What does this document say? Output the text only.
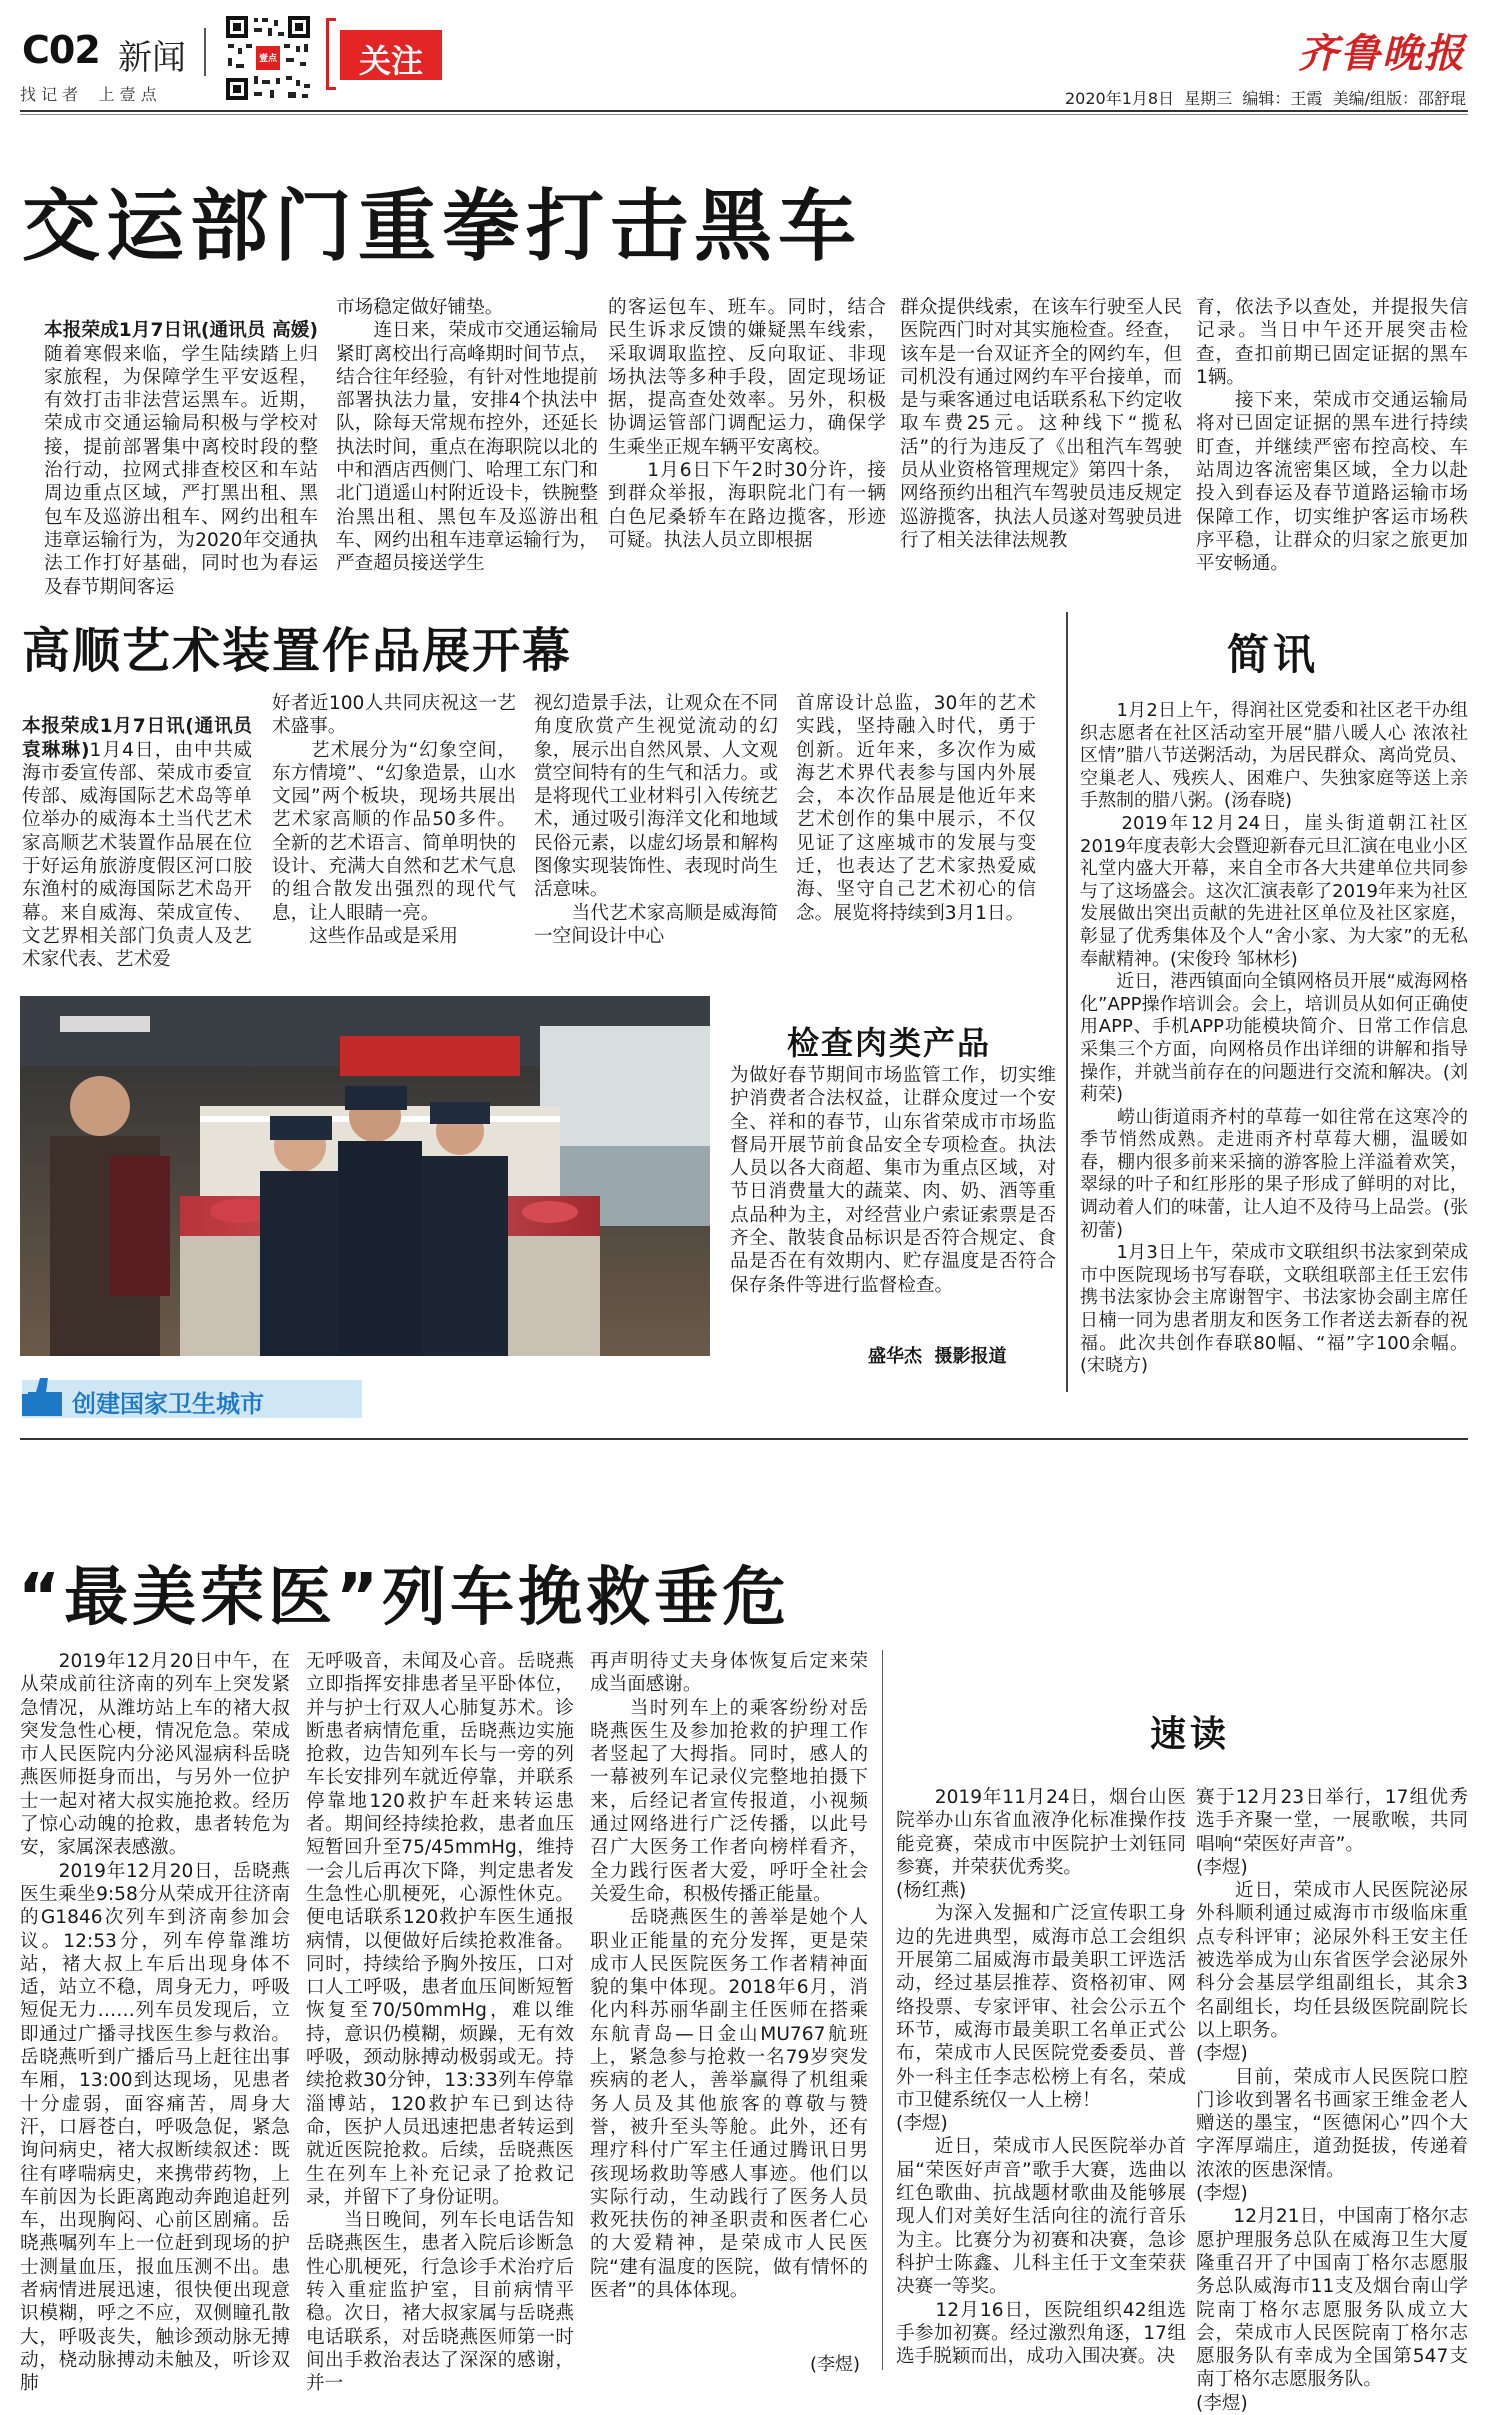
C02 新闻
找 记 者    上 壹 点
壹点	关注	齐鲁晚报
2020年1月8日  星期三  编辑：王霞  美编/组版：邵舒琨
交运部门重拳打击黑车

本报荣成1月7日讯(通讯员 高媛)随着寒假来临，学生陆续踏上归家旅程，为保障学生平安返程，有效打击非法营运黑车。近期，荣成市交通运输局积极与学校对接，提前部署集中离校时段的整治行动，拉网式排查校区和车站周边重点区域，严打黑出租、黑包车及巡游出租车、网约出租车违章运输行为，为2020年交通执法工作打好基础，同时也为春运及春节期间客运

市场稳定做好铺垫。
　　连日来，荣成市交通运输局紧盯离校出行高峰期时间节点，结合往年经验，有针对性地提前部署执法力量，安排4个执法中队，除每天常规布控外，还延长执法时间，重点在海职院以北的中和酒店西侧门、哈理工东门和北门逍遥山村附近设卡，铁腕整治黑出租、黑包车及巡游出租车、网约出租车违章运输行为，严查超员接送学生
的客运包车、班车。同时，结合民生诉求反馈的嫌疑黑车线索，采取调取监控、反向取证、非现场执法等多种手段，固定现场证据，提高查处效率。另外，积极协调运管部门调配运力，确保学生乘坐正规车辆平安离校。
　　1月6日下午2时30分许，接到群众举报，海职院北门有一辆白色尼桑轿车在路边揽客，形迹可疑。执法人员立即根据
群众提供线索，在该车行驶至人民医院西门时对其实施检查。经查，该车是一台双证齐全的网约车，但司机没有通过网约车平台接单，而是与乘客通过电话联系私下约定收取车费25元。这种线下“揽私活”的行为违反了《出租汽车驾驶员从业资格管理规定》第四十条，网络预约出租汽车驾驶员违反规定巡游揽客，执法人员遂对驾驶员进行了相关法律法规教
育，依法予以查处，并提报失信记录。当日中午还开展突击检查，查扣前期已固定证据的黑车1辆。
　　接下来，荣成市交通运输局将对已固定证据的黑车进行持续盯查，并继续严密布控高校、车站周边客流密集区域，全力以赴投入到春运及春节道路运输市场保障工作，切实维护客运市场秩序平稳，让群众的归家之旅更加平安畅通。
高顺艺术装置作品展开幕

本报荣成1月7日讯(通讯员 袁琳琳)1月4日，由中共威海市委宣传部、荣成市委宣传部、威海国际艺术岛等单位举办的威海本土当代艺术家高顺艺术装置作品展在位于好运角旅游度假区河口胶东渔村的威海国际艺术岛开幕。来自威海、荣成宣传、文艺界相关部门负责人及艺术家代表、艺术爱

好者近100人共同庆祝这一艺术盛事。
　　艺术展分为“幻象空间，东方情境”、“幻象造景，山水文园”两个板块，现场共展出艺术家高顺的作品50多件。全新的艺术语言、简单明快的设计、充满大自然和艺术气息的组合散发出强烈的现代气息，让人眼睛一亮。
　　这些作品或是采用
视幻造景手法，让观众在不同角度欣赏产生视觉流动的幻象，展示出自然风景、人文观赏空间特有的生气和活力。或是将现代工业材料引入传统艺术，通过吸引海洋文化和地域民俗元素，以虚幻场景和解构图像实现装饰性、表现时尚生活意味。
　　当代艺术家高顺是威海简一空间设计中心
首席设计总监，30年的艺术实践，坚持融入时代，勇于创新。近年来，多次作为威海艺术界代表参与国内外展会，本次作品展是他近年来艺术创作的集中展示，不仅见证了这座城市的发展与变迁，也表达了艺术家热爱威海、坚守自己艺术初心的信念。展览将持续到3月1日。
简讯
　　1月2日上午，得润社区党委和社区老干办组织志愿者在社区活动室开展“腊八暖人心 浓浓社区情”腊八节送粥活动，为居民群众、离尚党员、空巢老人、残疾人、困难户、失独家庭等送上亲手熬制的腊八粥。(汤春晓)
　　2019年12月24日，崖头街道朝江社区2019年度表彰大会暨迎新春元旦汇演在电业小区礼堂内盛大开幕，来自全市各大共建单位共同参与了这场盛会。这次汇演表彰了2019年来为社区发展做出突出贡献的先进社区单位及社区家庭，彰显了优秀集体及个人“舍小家、为大家”的无私奉献精神。(宋俊玲 邹林杉)
　　近日，港西镇面向全镇网格员开展“威海网格化”APP操作培训会。会上，培训员从如何正确使用APP、手机APP功能模块简介、日常工作信息采集三个方面，向网格员作出详细的讲解和指导操作，并就当前存在的问题进行交流和解决。(刘莉荣)
　　崂山街道雨齐村的草莓一如往常在这寒冷的季节悄然成熟。走进雨齐村草莓大棚，温暖如春，棚内很多前来采摘的游客脸上洋溢着欢笑，翠绿的叶子和红彤彤的果子形成了鲜明的对比，调动着人们的味蕾，让人迫不及待马上品尝。(张初蕾)
　　1月3日上午，荣成市文联组织书法家到荣成市中医院现场书写春联，文联组联部主任王宏伟携书法家协会主席谢智宇、书法家协会副主席任日楠一同为患者朋友和医务工作者送去新春的祝福。此次共创作春联80幅、“福”字100余幅。(宋晓方)
检查肉类产品
为做好春节期间市场监管工作，切实维护消费者合法权益，让群众度过一个安全、祥和的春节，山东省荣成市市场监督局开展节前食品安全专项检查。执法人员以各大商超、集市为重点区域，对节日消费量大的蔬菜、肉、奶、酒等重点品种为主，对经营业户索证索票是否齐全、散装食品标识是否符合规定、食品是否在有效期内、贮存温度是否符合保存条件等进行监督检查。
盛华杰  摄影报道
创建国家卫生城市
“最美荣医”列车挽救垂危
　　2019年12月20日中午，在从荣成前往济南的列车上突发紧急情况，从潍坊站上车的褚大叔突发急性心梗，情况危急。荣成市人民医院内分泌风湿病科岳晓燕医师挺身而出，与另外一位护士一起对褚大叔实施抢救。经历了惊心动魄的抢救，患者转危为安，家属深表感激。
　　2019年12月20日，岳晓燕医生乘坐9:58分从荣成开往济南的G1846次列车到济南参加会议。12:53分，列车停靠潍坊站，褚大叔上车后出现身体不适，站立不稳，周身无力，呼吸短促无力……列车员发现后，立即通过广播寻找医生参与救治。岳晓燕听到广播后马上赶往出事车厢，13:00到达现场，见患者十分虚弱，面容痛苦，周身大汗，口唇苍白，呼吸急促，紧急询问病史，褚大叔断续叙述：既往有哮喘病史，来携带药物，上车前因为长距离跑动奔跑追赶列车，出现胸闷、心前区剧痛。岳晓燕嘱列车上一位赶到现场的护士测量血压，报血压测不出。患者病情进展迅速，很快便出现意识模糊，呼之不应，双侧瞳孔散大，呼吸丧失，触诊颈动脉无搏动，桡动脉搏动未触及，听诊双肺
无呼吸音，未闻及心音。岳晓燕立即指挥安排患者呈平卧体位，并与护士行双人心肺复苏术。诊断患者病情危重，岳晓燕边实施抢救，边告知列车长与一旁的列车长安排列车就近停靠，并联系停靠地120救护车赶来转运患者。期间经持续抢救，患者血压短暂回升至75/45mmHg，维持一会儿后再次下降，判定患者发生急性心肌梗死，心源性休克。便电话联系120救护车医生通报病情，以便做好后续抢救准备。同时，持续给予胸外按压，口对口人工呼吸，患者血压间断短暂恢复至70/50mmHg，难以维持，意识仍模糊，烦躁，无有效呼吸，颈动脉搏动极弱或无。持续抢救30分钟，13:33列车停靠淄博站，120救护车已到达待命，医护人员迅速把患者转运到就近医院抢救。后续，岳晓燕医生在列车上补充记录了抢救记录，并留下了身份证明。
　　当日晚间，列车长电话告知岳晓燕医生，患者入院后诊断急性心肌梗死，行急诊手术治疗后转入重症监护室，目前病情平稳。次日，褚大叔家属与岳晓燕电话联系，对岳晓燕医师第一时间出手救治表达了深深的感谢，并一
再声明待丈夫身体恢复后定来荣成当面感谢。
　　当时列车上的乘客纷纷对岳晓燕医生及参加抢救的护理工作者竖起了大拇指。同时，感人的一幕被列车记录仪完整地拍摄下来，后经记者宣传报道，小视频通过网络进行广泛传播，以此号召广大医务工作者向榜样看齐，全力践行医者大爱，呼吁全社会关爱生命，积极传播正能量。
　　岳晓燕医生的善举是她个人职业正能量的充分发挥，更是荣成市人民医院医务工作者精神面貌的集中体现。2018年6月，消化内科苏丽华副主任医师在搭乘东航青岛—日金山MU767航班上，紧急参与抢救一名79岁突发疾病的老人，善举赢得了机组乘务人员及其他旅客的尊敬与赞誉，被升至头等舱。此外，还有理疗科付广军主任通过腾讯日男孩现场救助等感人事迹。他们以实际行动，生动践行了医务人员救死扶伤的神圣职责和医者仁心的大爱精神，是荣成市人民医院“建有温度的医院，做有情怀的医者”的具体体现。
(李煜)
速读
　　2019年11月24日，烟台山医院举办山东省血液净化标准操作技能竞赛，荣成市中医院护士刘钰同参赛，并荣获优秀奖。
(杨红燕)
　　为深入发掘和广泛宣传职工身边的先进典型，威海市总工会组织开展第二届威海市最美职工评选活动，经过基层推荐、资格初审、网络投票、专家评审、社会公示五个环节，威海市最美职工名单正式公布，荣成市人民医院党委委员、普外一科主任李志松榜上有名，荣成市卫健系统仅一人上榜！
(李煜)
　　近日，荣成市人民医院举办首届“荣医好声音”歌手大赛，选曲以红色歌曲、抗战题材歌曲及能够展现人们对美好生活向往的流行音乐为主。比赛分为初赛和决赛，急诊科护士陈鑫、儿科主任于文奎荣获决赛一等奖。
　　12月16日，医院组织42组选手参加初赛。经过激烈角逐，17组选手脱颖而出，成功入围决赛。决
赛于12月23日举行，17组优秀选手齐聚一堂，一展歌喉，共同唱响“荣医好声音”。
(李煜)
　　近日，荣成市人民医院泌尿外科顺利通过威海市市级临床重点专科评审；泌尿外科王安主任被选举成为山东省医学会泌尿外科分会基层学组副组长，其余3名副组长，均任县级医院副院长以上职务。
(李煜)
　　目前，荣成市人民医院口腔门诊收到署名书画家王维金老人赠送的墨宝，“医德闲心”四个大字浑厚端庄，道劲挺拔，传递着浓浓的医患深情。
(李煜)
　　12月21日，中国南丁格尔志愿护理服务总队在威海卫生大厦隆重召开了中国南丁格尔志愿服务总队威海市11支及烟台南山学院南丁格尔志愿服务队成立大会，荣成市人民医院南丁格尔志愿服务队有幸成为全国第547支南丁格尔志愿服务队。
(李煜)
